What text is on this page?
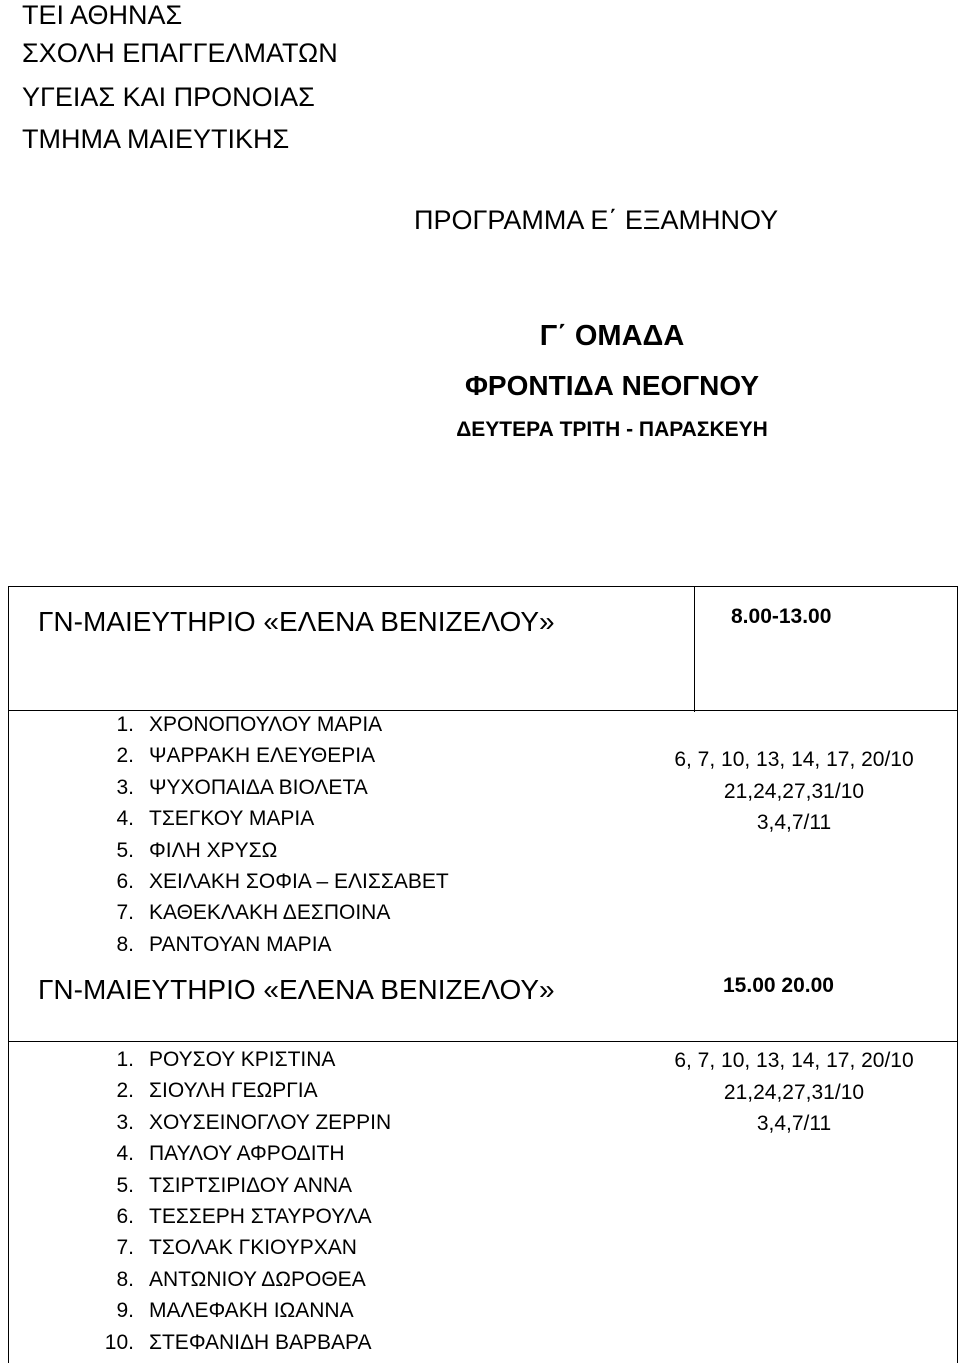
ΤΕΙ ΑΘΗΝΑΣ
ΣΧΟΛΗ ΕΠΑΓΓΕΛΜΑΤΩΝ
ΥΓΕΙΑΣ ΚΑΙ ΠΡΟΝΟΙΑΣ
ΤΜΗΜΑ ΜΑΙΕΥΤΙΚΗΣ
ΠΡΟΓΡΑΜΜΑ Ε΄ ΕΞΑΜΗΝΟΥ
Γ΄ ΟΜΑΔΑ
ΦΡΟΝΤΙΔΑ ΝΕΟΓΝΟΥ
ΔΕΥΤΕΡΑ ΤΡΙΤΗ - ΠΑΡΑΣΚΕΥΗ
ΓΝ-ΜΑΙΕΥΤΗΡΙΟ «ΕΛΕΝΑ ΒΕΝΙΖΕΛΟΥ»	8.00-13.00
1. ΧΡΟΝΟΠΟΥΛΟΥ ΜΑΡΙΑ
2. ΨΑΡΡΑΚΗ ΕΛΕΥΘΕΡΙΑ
3. ΨΥΧΟΠΑΙΔΑ ΒΙΟΛΕΤΑ
4. ΤΣΕΓΚΟΥ ΜΑΡΙΑ
5. ΦΙΛΗ ΧΡΥΣΩ
6. ΧΕΙΛΑΚΗ ΣΟΦΙΑ – ΕΛΙΣΣΑΒΕΤ
7. ΚΑΘΕΚΛΑΚΗ ΔΕΣΠΟΙΝΑ
8. ΡΑΝΤΟΥΑΝ ΜΑΡΙΑ
6, 7, 10, 13, 14, 17, 20/10
21,24,27,31/10
3,4,7/11
ΓΝ-ΜΑΙΕΥΤΗΡΙΟ «ΕΛΕΝΑ ΒΕΝΙΖΕΛΟΥ»	15.00 20.00
1. ΡΟΥΣΟΥ ΚΡΙΣΤΙΝΑ
2. ΣΙΟΥΛΗ ΓΕΩΡΓΙΑ
3. ΧΟΥΣΕΙΝΟΓΛΟΥ ΖΕΡΡΙΝ
4. ΠΑΥΛΟΥ ΑΦΡΟΔΙΤΗ
5. ΤΣΙΡΤΣΙΡΙΔΟΥ ΑΝΝΑ
6. ΤΕΣΣΕΡΗ ΣΤΑΥΡΟΥΛΑ
7. ΤΣΟΛΑΚ ΓΚΙΟΥΡΧΑΝ
8. ΑΝΤΩΝΙΟΥ ΔΩΡΟΘΕΑ
9. ΜΑΛΕΦΑΚΗ ΙΩΑΝΝΑ
10. ΣΤΕΦΑΝΙΔΗ ΒΑΡΒΑΡΑ
6, 7, 10, 13, 14, 17, 20/10
21,24,27,31/10
3,4,7/11
